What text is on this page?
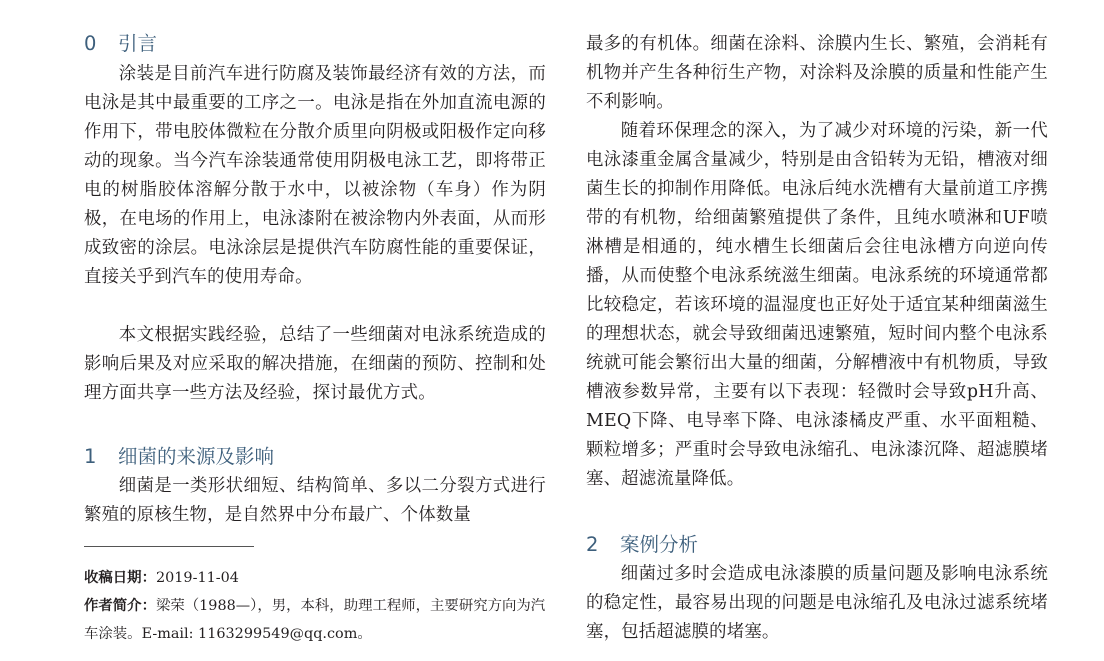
0 引言

涂装是目前汽车进行防腐及装饰最经济有效的方法，而电泳是其中最重要的工序之一。电泳是指在外加直流电源的作用下，带电胶体微粒在分散介质里向阴极或阳极作定向移动的现象。当今汽车涂装通常使用阴极电泳工艺，即将带正电的树脂胶体溶解分散于水中，以被涂物（车身）作为阴极，在电场的作用上，电泳漆附在被涂物内外表面，从而形成致密的涂层。电泳涂层是提供汽车防腐性能的重要保证，直接关乎到汽车的使用寿命。

本文根据实践经验，总结了一些细菌对电泳系统造成的影响后果及对应采取的解决措施，在细菌的预防、控制和处理方面共享一些方法及经验，探讨最优方式。

1 细菌的来源及影响

细菌是一类形状细短、结构简单、多以二分裂方式进行繁殖的原核生物，是自然界中分布最广、个体数量

收稿日期：2019-11-04

作者简介：梁荣（1988—），男，本科，助理工程师，主要研究方向为汽车涂装。E-mail: 1163299549@qq.com。

最多的有机体。细菌在涂料、涂膜内生长、繁殖，会消耗有机物并产生各种衍生产物，对涂料及涂膜的质量和性能产生不利影响。

随着环保理念的深入，为了减少对环境的污染，新一代电泳漆重金属含量减少，特别是由含铅转为无铅，槽液对细菌生长的抑制作用降低。电泳后纯水洗槽有大量前道工序携带的有机物，给细菌繁殖提供了条件，且纯水喷淋和UF喷淋槽是相通的，纯水槽生长细菌后会往电泳槽方向逆向传播，从而使整个电泳系统滋生细菌。电泳系统的环境通常都比较稳定，若该环境的温湿度也正好处于适宜某种细菌滋生的理想状态，就会导致细菌迅速繁殖，短时间内整个电泳系统就可能会繁衍出大量的细菌，分解槽液中有机物质，导致槽液参数异常，主要有以下表现：轻微时会导致pH升高、MEQ下降、电导率下降、电泳漆橘皮严重、水平面粗糙、颗粒增多；严重时会导致电泳缩孔、电泳漆沉降、超滤膜堵塞、超滤流量降低。

2 案例分析

细菌过多时会造成电泳漆膜的质量问题及影响电泳系统的稳定性，最容易出现的问题是电泳缩孔及电泳过滤系统堵塞，包括超滤膜的堵塞。
